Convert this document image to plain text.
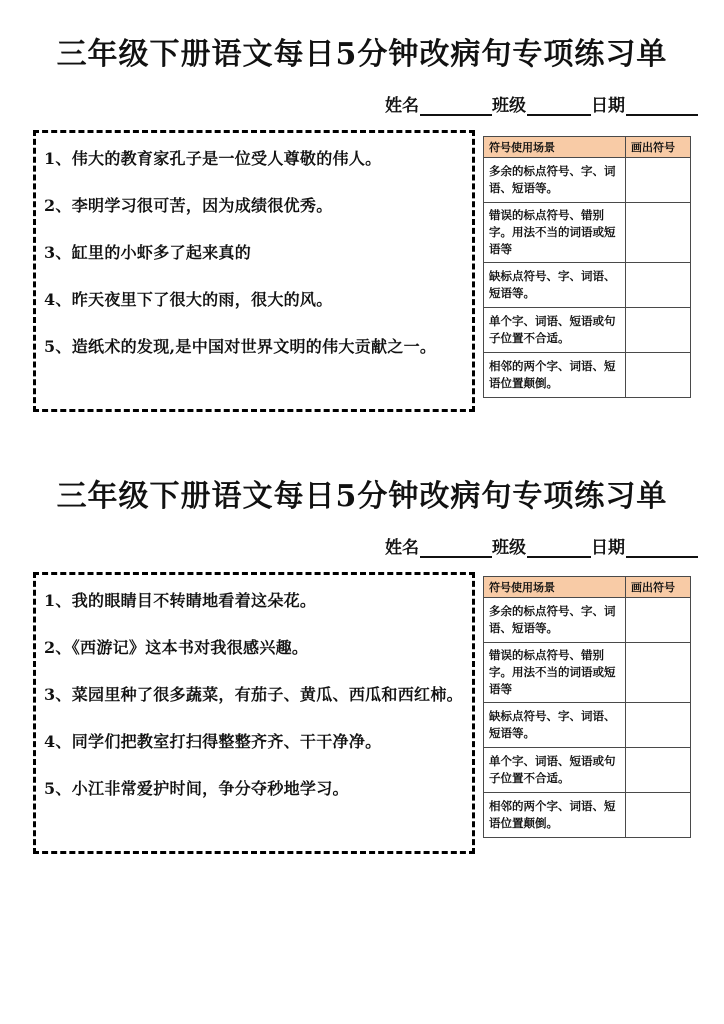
三年级下册语文每日5分钟改病句专项练习单
姓名	班级	日期
1、伟大的教育家孔子是一位受人尊敬的伟人。
2、李明学习很可苦，因为成绩很优秀。
3、缸里的小虾多了起来真的
4、昨天夜里下了很大的雨，很大的风。
5、造纸术的发现,是中国对世界文明的伟大贡献之一。
符号使用场景	画出符号
多余的标点符号、字、词语、短语等。	
错误的标点符号、错别字。用法不当的词语或短语等	
缺标点符号、字、词语、短语等。	
单个字、词语、短语或句子位置不合适。	
相邻的两个字、词语、短语位置颠倒。	
三年级下册语文每日5分钟改病句专项练习单
姓名	班级	日期
1、我的眼睛目不转睛地看着这朵花。
2、《西游记》这本书对我很感兴趣。
3、菜园里种了很多蔬菜，有茄子、黄瓜、西瓜和西红柿。
4、同学们把教室打扫得整整齐齐、干干净净。
5、小江非常爱护时间，争分夺秒地学习。
符号使用场景	画出符号
多余的标点符号、字、词语、短语等。	
错误的标点符号、错别字。用法不当的词语或短语等	
缺标点符号、字、词语、短语等。	
单个字、词语、短语或句子位置不合适。	
相邻的两个字、词语、短语位置颠倒。	
